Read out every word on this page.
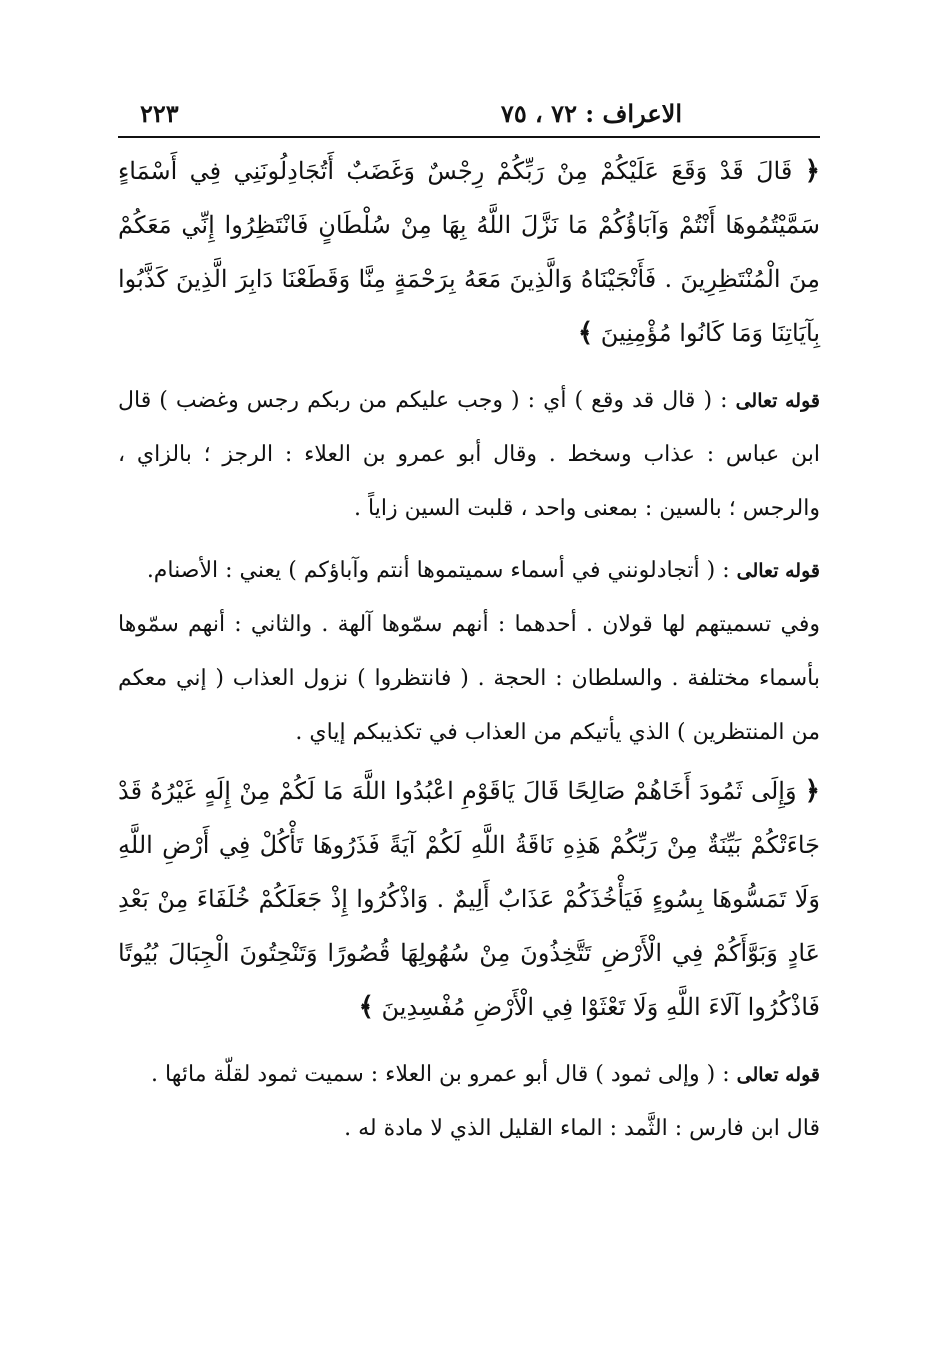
الاعراف : ٧٢ ، ٧٥
٢٢٣

﴿ قَالَ قَدْ وَقَعَ عَلَيْكُمْ مِنْ رَبِّكُمْ رِجْسٌ وَغَضَبٌ أَتُجَادِلُونَنِي فِي أَسْمَاءٍ سَمَّيْتُمُوهَا أَنْتُمْ وَآبَاؤُكُمْ مَا نَزَّلَ اللَّهُ بِهَا مِنْ سُلْطَانٍ فَانْتَظِرُوا إِنِّي مَعَكُمْ مِنَ الْمُنْتَظِرِينَ . فَأَنْجَيْنَاهُ وَالَّذِينَ مَعَهُ بِرَحْمَةٍ مِنَّا وَقَطَعْنَا دَابِرَ الَّذِينَ كَذَّبُوا بِآيَاتِنَا وَمَا كَانُوا مُؤْمِنِينَ ﴾

قوله تعالى : ( قال قد وقع ) أي : ( وجب عليكم من ربكم رجس وغضب ) قال ابن عباس : عذاب وسخط . وقال أبو عمرو بن العلاء : الرجز ؛ بالزاي ، والرجس ؛ بالسين : بمعنى واحد ، قلبت السين زاياً .

قوله تعالى : ( أتجادلونني في أسماء سميتموها أنتم وآباؤكم ) يعني : الأصنام.

وفي تسميتهم لها قولان . أحدهما : أنهم سمّوها آلهة . والثاني : أنهم سمّوها بأسماء مختلفة . والسلطان : الحجة . ( فانتظروا ) نزول العذاب ( إني معكم من المنتظرين ) الذي يأتيكم من العذاب في تكذيبكم إياي .

﴿ وَإِلَى ثَمُودَ أَخَاهُمْ صَالِحًا قَالَ يَاقَوْمِ اعْبُدُوا اللَّهَ مَا لَكُمْ مِنْ إِلَهٍ غَيْرُهُ قَدْ جَاءَتْكُمْ بَيِّنَةٌ مِنْ رَبِّكُمْ هَذِهِ نَاقَةُ اللَّهِ لَكُمْ آيَةً فَذَرُوهَا تَأْكُلْ فِي أَرْضِ اللَّهِ وَلَا تَمَسُّوهَا بِسُوءٍ فَيَأْخُذَكُمْ عَذَابٌ أَلِيمٌ . وَاذْكُرُوا إِذْ جَعَلَكُمْ خُلَفَاءَ مِنْ بَعْدِ عَادٍ وَبَوَّأَكُمْ فِي الْأَرْضِ تَتَّخِذُونَ مِنْ سُهُولِهَا قُصُورًا وَتَنْحِتُونَ الْجِبَالَ بُيُوتًا فَاذْكُرُوا آلَاءَ اللَّهِ وَلَا تَعْثَوْا فِي الْأَرْضِ مُفْسِدِينَ ﴾

قوله تعالى : ( وإلى ثمود ) قال أبو عمرو بن العلاء : سميت ثمود لقلّة مائها .

قال ابن فارس : الثَّمد : الماء القليل الذي لا مادة له .
